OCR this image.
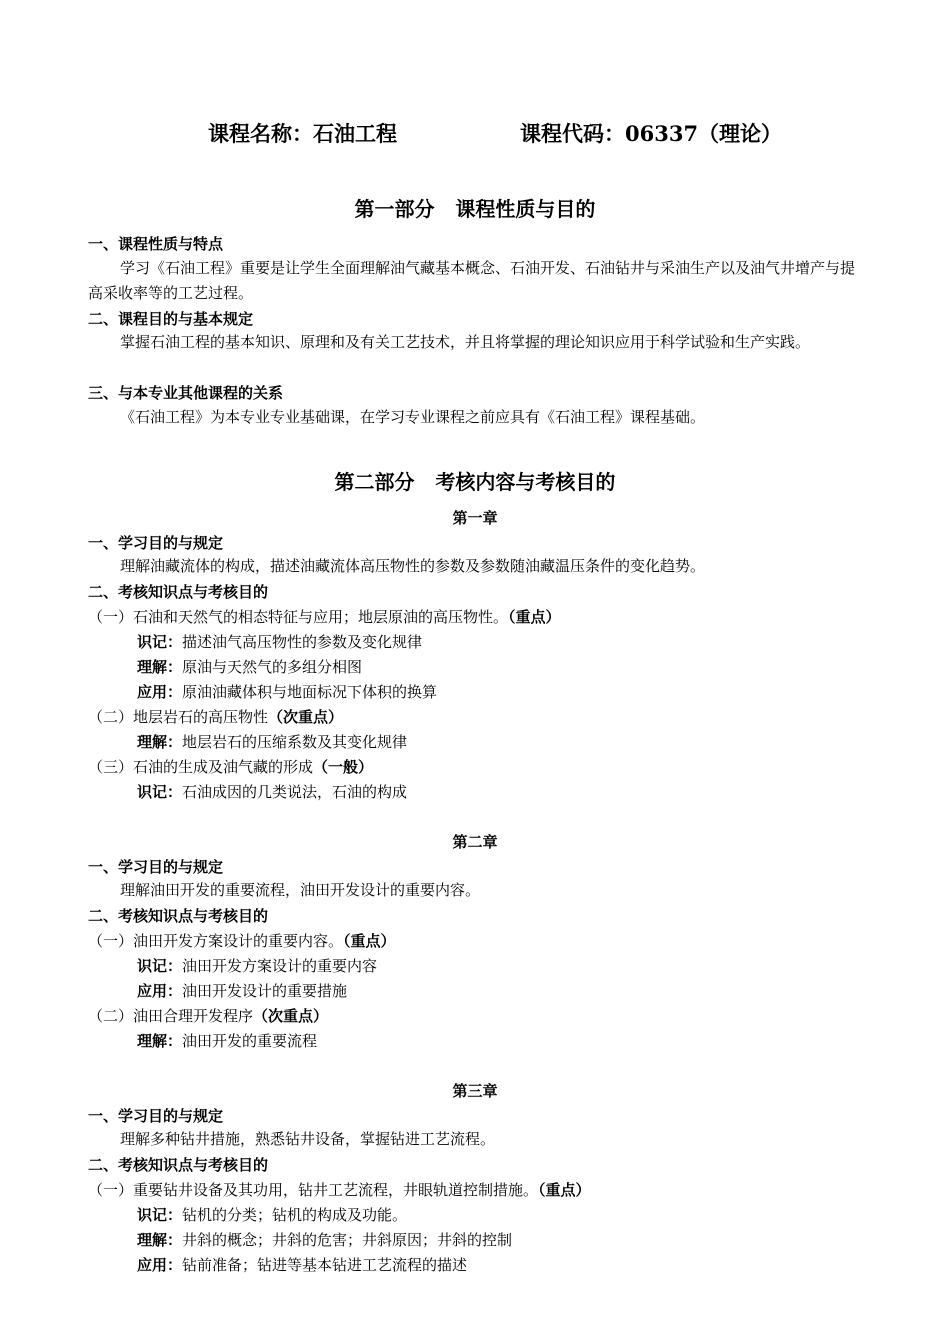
课程名称：石油工程	课程代码：06337（理论）
第一部分   课程性质与目的
一、课程性质与特点
学习《石油工程》重要是让学生全面理解油气藏基本概念、石油开发、石油钻井与采油生产以及油气井增产与提高采收率等的工艺过程。
二、课程目的与基本规定
掌握石油工程的基本知识、原理和及有关工艺技术，并且将掌握的理论知识应用于科学试验和生产实践。
三、与本专业其他课程的关系
《石油工程》为本专业专业基础课，在学习专业课程之前应具有《石油工程》课程基础。
第二部分   考核内容与考核目的
第一章
一、学习目的与规定
理解油藏流体的构成，描述油藏流体高压物性的参数及参数随油藏温压条件的变化趋势。
二、考核知识点与考核目的
（一）石油和天然气的相态特征与应用；地层原油的高压物性。（重点）
识记：描述油气高压物性的参数及变化规律
理解：原油与天然气的多组分相图
应用：原油油藏体积与地面标况下体积的换算
（二）地层岩石的高压物性（次重点）
理解：地层岩石的压缩系数及其变化规律
（三）石油的生成及油气藏的形成（一般）
识记：石油成因的几类说法，石油的构成
第二章
一、学习目的与规定
理解油田开发的重要流程，油田开发设计的重要内容。
二、考核知识点与考核目的
（一）油田开发方案设计的重要内容。（重点）
识记：油田开发方案设计的重要内容
应用：油田开发设计的重要措施
（二）油田合理开发程序（次重点）
理解：油田开发的重要流程
第三章
一、学习目的与规定
理解多种钻井措施，熟悉钻井设备，掌握钻进工艺流程。
二、考核知识点与考核目的
（一）重要钻井设备及其功用，钻井工艺流程，井眼轨道控制措施。（重点）
识记：钻机的分类；钻机的构成及功能。
理解：井斜的概念；井斜的危害；井斜原因；井斜的控制
应用：钻前准备；钻进等基本钻进工艺流程的描述
